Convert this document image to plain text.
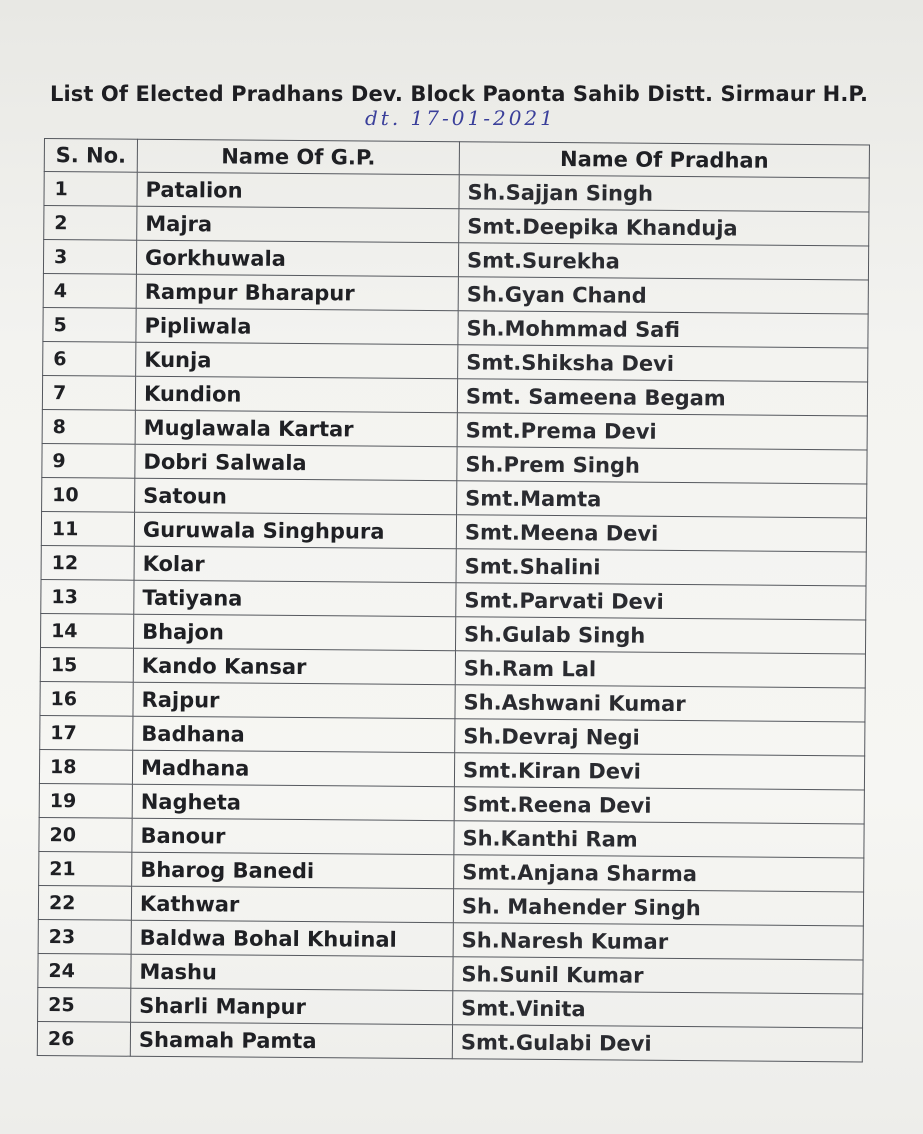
List Of Elected Pradhans Dev. Block Paonta Sahib Distt. Sirmaur H.P.
dt. 17-01-2021
S. No.	Name Of G.P.	Name Of Pradhan
1	Patalion	Sh.Sajjan Singh
2	Majra	Smt.Deepika Khanduja
3	Gorkhuwala	Smt.Surekha
4	Rampur Bharapur	Sh.Gyan Chand
5	Pipliwala	Sh.Mohmmad Safi
6	Kunja	Smt.Shiksha Devi
7	Kundion	Smt. Sameena Begam
8	Muglawala Kartar	Smt.Prema Devi
9	Dobri Salwala	Sh.Prem Singh
10	Satoun	Smt.Mamta
11	Guruwala Singhpura	Smt.Meena Devi
12	Kolar	Smt.Shalini
13	Tatiyana	Smt.Parvati Devi
14	Bhajon	Sh.Gulab Singh
15	Kando Kansar	Sh.Ram Lal
16	Rajpur	Sh.Ashwani Kumar
17	Badhana	Sh.Devraj Negi
18	Madhana	Smt.Kiran Devi
19	Nagheta	Smt.Reena Devi
20	Banour	Sh.Kanthi Ram
21	Bharog Banedi	Smt.Anjana Sharma
22	Kathwar	Sh. Mahender Singh
23	Baldwa Bohal Khuinal	Sh.Naresh Kumar
24	Mashu	Sh.Sunil Kumar
25	Sharli Manpur	Smt.Vinita
26	Shamah Pamta	Smt.Gulabi Devi
